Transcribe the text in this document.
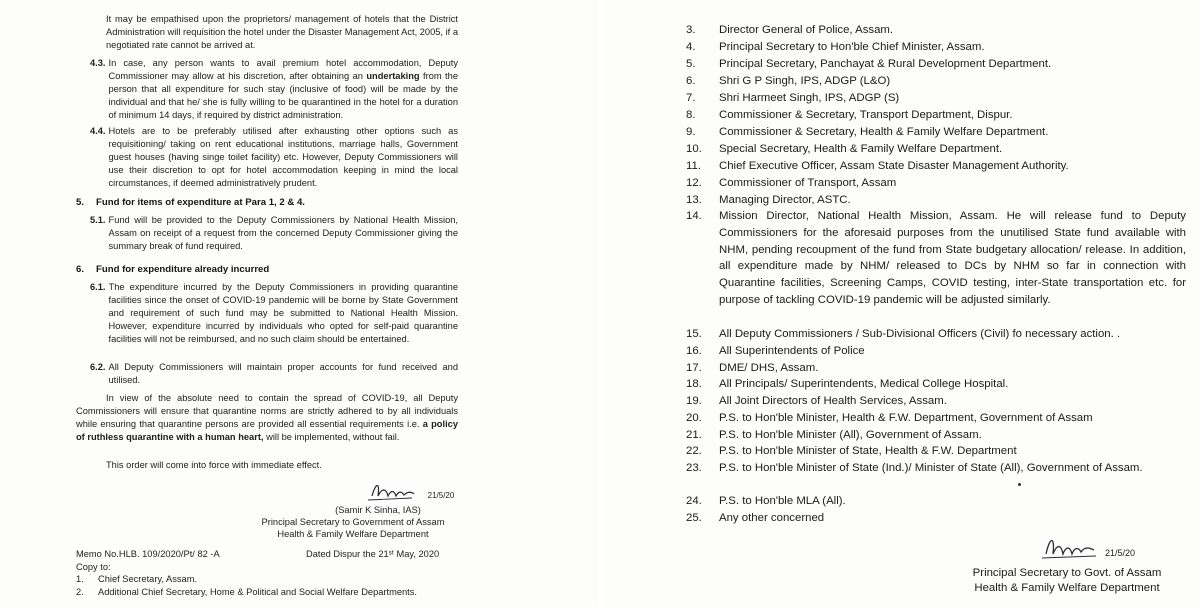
It may be empathised upon the proprietors/ management of hotels that the District Administration will requisition the hotel under the Disaster Management Act, 2005, if a negotiated rate cannot be arrived at.
4.3. In case, any person wants to avail premium hotel accommodation, Deputy Commissioner may allow at his discretion, after obtaining an undertaking from the person that all expenditure for such stay (inclusive of food) will be made by the individual and that he/ she is fully willing to be quarantined in the hotel for a duration of minimum 14 days, if required by district administration.
4.4. Hotels are to be preferably utilised after exhausting other options such as requisitioning/ taking on rent educational institutions, marriage halls, Government guest houses (having singe toilet facility) etc. However, Deputy Commissioners will use their discretion to opt for hotel accommodation keeping in mind the local circumstances, if deemed administratively prudent.
5. Fund for items of expenditure at Para 1, 2 & 4.
5.1. Fund will be provided to the Deputy Commissioners by National Health Mission, Assam on receipt of a request from the concerned Deputy Commissioner giving the summary break of fund required.
6. Fund for expenditure already incurred
6.1. The expenditure incurred by the Deputy Commissioners in providing quarantine facilities since the onset of COVID-19 pandemic will be borne by State Government and requirement of such fund may be submitted to National Health Mission. However, expenditure incurred by individuals who opted for self-paid quarantine facilities will not be reimbursed, and no such claim should be entertained.
6.2. All Deputy Commissioners will maintain proper accounts for fund received and utilised.
In view of the absolute need to contain the spread of COVID-19, all Deputy Commissioners will ensure that quarantine norms are strictly adhered to by all individuals while ensuring that quarantine persons are provided all essential requirements i.e. a policy of ruthless quarantine with a human heart, will be implemented, without fail.
This order will come into force with immediate effect.
21/5/20
(Samir K Sinha, IAS)
Principal Secretary to Government of Assam
Health & Family Welfare Department
Memo No.HLB. 109/2020/Pt/ 82 -A	Dated Dispur the 21ˢᵗ May, 2020
Copy to:
1. Chief Secretary, Assam.
2. Additional Chief Secretary, Home & Political and Social Welfare Departments.
3.	Director General of Police, Assam.
4.	Principal Secretary to Hon'ble Chief Minister, Assam.
5.	Principal Secretary, Panchayat & Rural Development Department.
6.	Shri G P Singh, IPS, ADGP (L&O)
7.	Shri Harmeet Singh, IPS, ADGP (S)
8.	Commissioner & Secretary, Transport Department, Dispur.
9.	Commissioner & Secretary, Health & Family Welfare Department.
10.	Special Secretary, Health & Family Welfare Department.
11.	Chief Executive Officer, Assam State Disaster Management Authority.
12.	Commissioner of Transport, Assam
13.	Managing Director, ASTC.
14.	Mission Director, National Health Mission, Assam. He will release fund to Deputy Commissioners for the aforesaid purposes from the unutilised State fund available with NHM, pending recoupment of the fund from State budgetary allocation/ release. In addition, all expenditure made by NHM/ released to DCs by NHM so far in connection with Quarantine facilities, Screening Camps, COVID testing, inter-State transportation etc. for purpose of tackling COVID-19 pandemic will be adjusted similarly.
15.	All Deputy Commissioners / Sub-Divisional Officers (Civil) fo necessary action. .
16.	All Superintendents of Police
17.	DME/ DHS, Assam.
18.	All Principals/ Superintendents, Medical College Hospital.
19.	All Joint Directors of Health Services, Assam.
20.	P.S. to Hon'ble Minister, Health & F.W. Department, Government of Assam
21.	P.S. to Hon'ble Minister (All), Government of Assam.
22.	P.S. to Hon'ble Minister of State, Health & F.W. Department
23.	P.S. to Hon'ble Minister of State (Ind.)/ Minister of State (All), Government of Assam.
24.	P.S. to Hon'ble MLA (All).
25.	Any other concerned
21/5/20
Principal Secretary to Govt. of Assam
Health & Family Welfare Department
